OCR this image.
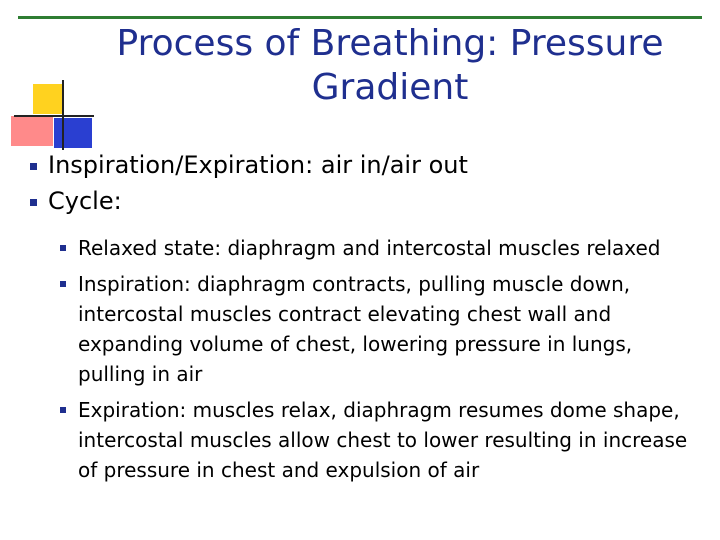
Process of Breathing: Pressure
Gradient
Inspiration/Expiration: air in/air out
Cycle:
Relaxed state: diaphragm and intercostal muscles relaxed
Inspiration: diaphragm contracts, pulling muscle down, intercostal muscles contract elevating chest wall and expanding volume of chest, lowering pressure in lungs, pulling in air
Expiration: muscles relax, diaphragm resumes dome shape, intercostal muscles allow chest to lower resulting in increase of pressure in chest and expulsion of air
